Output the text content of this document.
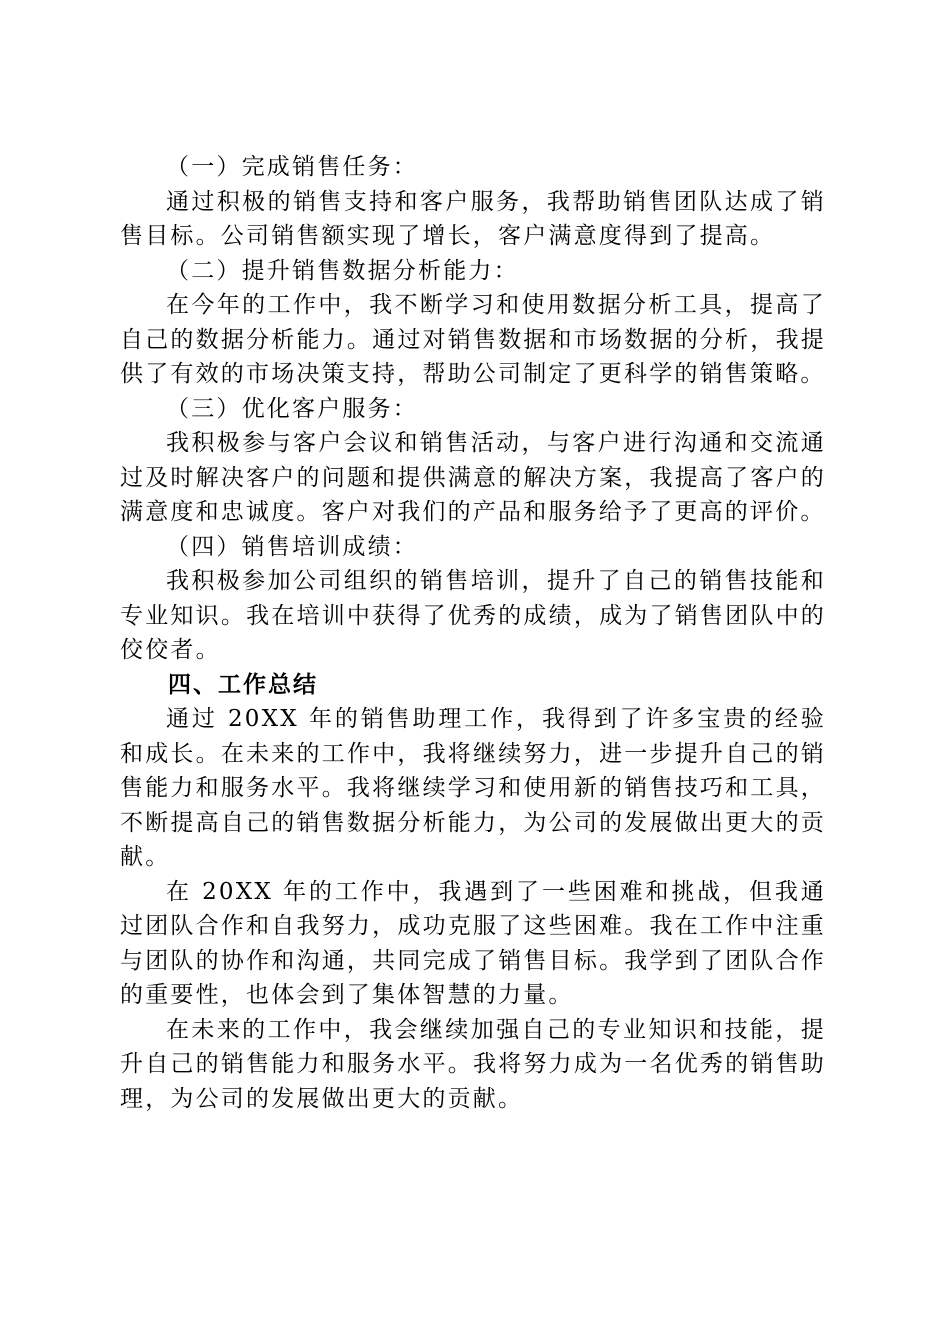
（一）完成销售任务：

通过积极的销售支持和客户服务，我帮助销售团队达成了销售目标。公司销售额实现了增长，客户满意度得到了提高。

（二）提升销售数据分析能力：

在今年的工作中，我不断学习和使用数据分析工具，提高了自己的数据分析能力。通过对销售数据和市场数据的分析，我提供了有效的市场决策支持，帮助公司制定了更科学的销售策略。

（三）优化客户服务：

我积极参与客户会议和销售活动，与客户进行沟通和交流通过及时解决客户的问题和提供满意的解决方案，我提高了客户的满意度和忠诚度。客户对我们的产品和服务给予了更高的评价。

（四）销售培训成绩：

我积极参加公司组织的销售培训，提升了自己的销售技能和专业知识。我在培训中获得了优秀的成绩，成为了销售团队中的佼佼者。

四、工作总结

通过 20XX 年的销售助理工作，我得到了许多宝贵的经验和成长。在未来的工作中，我将继续努力，进一步提升自己的销售能力和服务水平。我将继续学习和使用新的销售技巧和工具，不断提高自己的销售数据分析能力，为公司的发展做出更大的贡献。

在 20XX 年的工作中，我遇到了一些困难和挑战，但我通过团队合作和自我努力，成功克服了这些困难。我在工作中注重与团队的协作和沟通，共同完成了销售目标。我学到了团队合作的重要性，也体会到了集体智慧的力量。

在未来的工作中，我会继续加强自己的专业知识和技能，提升自己的销售能力和服务水平。我将努力成为一名优秀的销售助理，为公司的发展做出更大的贡献。
